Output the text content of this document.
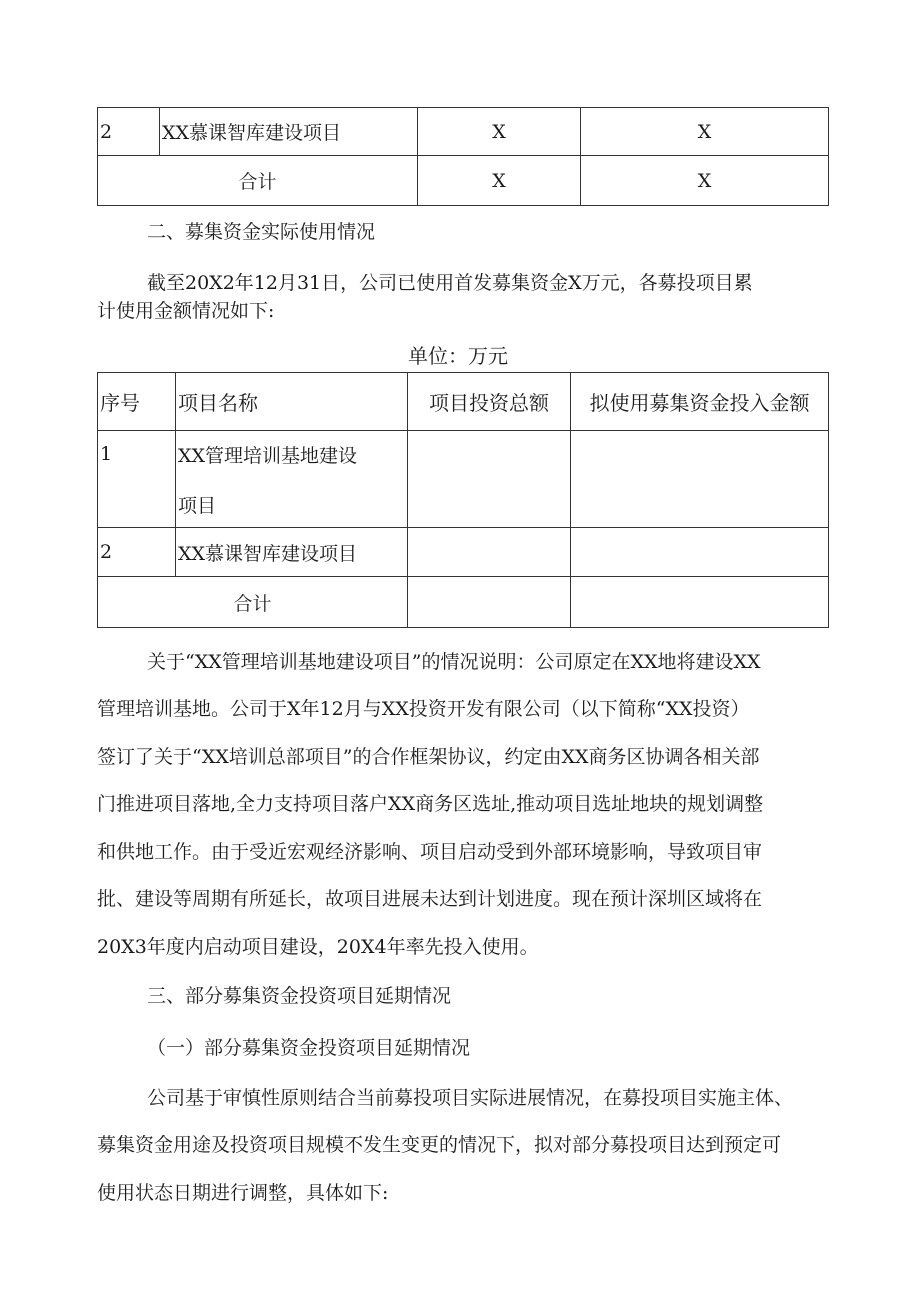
2	XX慕课智库建设项目	X	X
合计		X	X
二、募集资金实际使用情况
截至20X2年12月31日，公司已使用首发募集资金X万元，各募投项目累
计使用金额情况如下:
单位：万元
序号	项目名称	项目投资总额	拟使用募集资金投入金额
1	XX管理培训基地建设
项目		

2	XX慕课智库建设项目		
合计			
关于“XX管理培训基地建设项目”的情况说明：公司原定在XX地将建设XX
管理培训基地。公司于X年12月与XX投资开发有限公司（以下简称“XX投资）
签订了关于“XX培训总部项目”的合作框架协议，约定由XX商务区协调各相关部
门推进项目落地,全力支持项目落户XX商务区选址,推动项目选址地块的规划调整
和供地工作。由于受近宏观经济影响、项目启动受到外部环境影响，导致项目审
批、建设等周期有所延长，故项目进展未达到计划进度。现在预计深圳区域将在
20X3年度内启动项目建设，20X4年率先投入使用。
三、部分募集资金投资项目延期情况
（一）部分募集资金投资项目延期情况
公司基于审慎性原则结合当前募投项目实际进展情况，在募投项目实施主体、
募集资金用途及投资项目规模不发生变更的情况下，拟对部分募投项目达到预定可
使用状态日期进行调整，具体如下:
